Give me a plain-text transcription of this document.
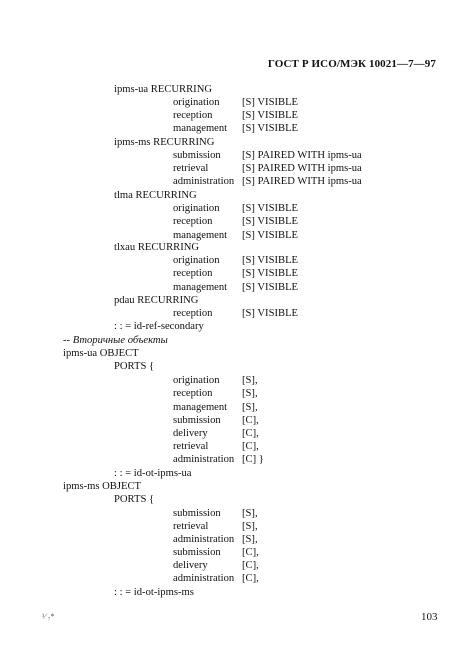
ГОСТ Р ИСО/МЭК 10021—7—97
ipms-ua RECURRING
origination [S] VISIBLE
reception	[S] VISIBLE
management [S] VISIBLE
ipms-ms RECURRING
submission [S] PAIRED WITH ipms-ua
retrieval	[S] PAIRED WITH ipms-ua
administration [S] PAIRED WITH ipms-ua
tlma RECURRING
origination [S] VISIBLE
reception	[S] VISIBLE
management [S] VISIBLE
tlxau RECURRING
origination [S] VISIBLE
reception	[S] VISIBLE
management [S] VISIBLE
pdau RECURRING
reception	[S] VISIBLE
: : = id-ref-secondary
-- Вторичные объекты
ipms-ua OBJECT
PORTS {
origination [S],
reception	[S],
management [S],
submission [C],
delivery	[C],
retrieval	[C],
administration [C] }
: : = id-ot-ipms-ua
ipms-ms OBJECT
PORTS {
submission [S],
retrieval	[S],
administration [S],
submission [C],
delivery	[C],
administration [C],
: : = id-ot-ipms-ms
¹⁄ ₇*	103
